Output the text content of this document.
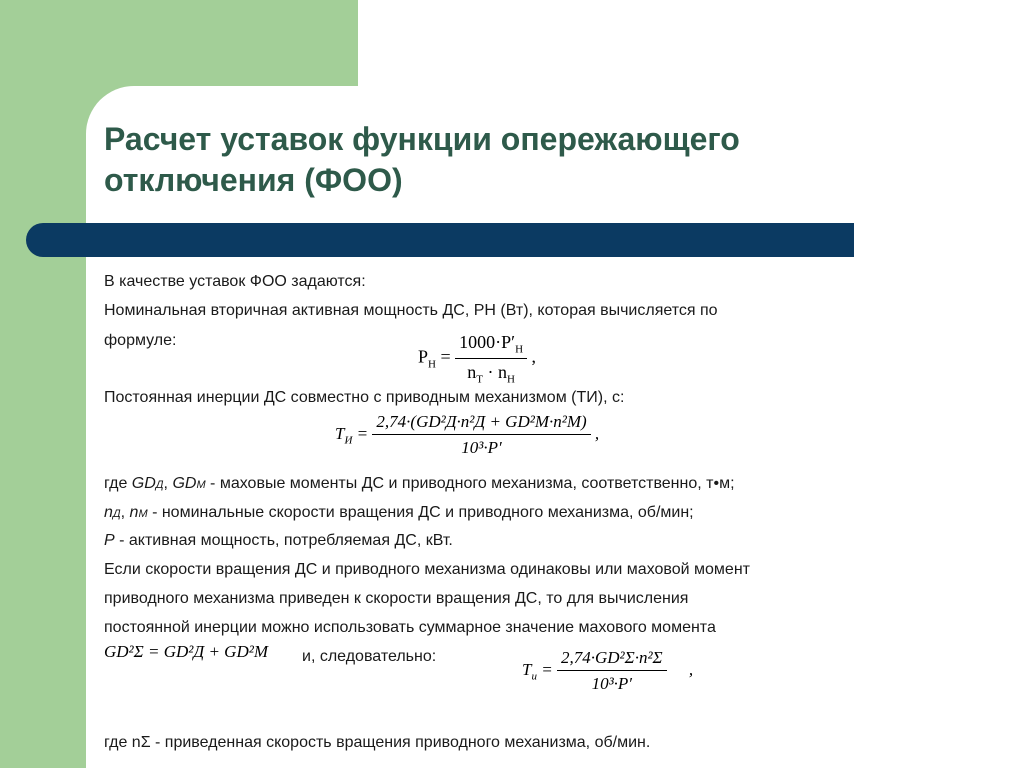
Расчет уставок функции опережающего отключения (ФОО)
В качестве уставок ФОО задаются:
Номинальная вторичная активная мощность ДС, РН (Вт), которая вычисляется по
формуле:
$P_Н = \frac{1000\cdot P'_Н}{n_Т \cdot n_Н}$ ,
Постоянная инерции ДС совместно с приводным механизмом (ТИ), с:
$T_И = \frac{\text{2,74·(GD²Д·n²Д + GD²М·n²М)}}{\text{10³·P′}}$ ,
где GDД, GDМ - маховые моменты ДС и приводного механизма, соответственно, т•м;
nД, nМ - номинальные скорости вращения ДС и приводного механизма, об/мин;
P - активная мощность, потребляемая ДС, кВт.
Если скорости вращения ДС и приводного механизма одинаковы или маховой момент
приводного механизма приведен к скорости вращения ДС, то для вычисления
постоянной инерции можно использовать суммарное значение махового момента
GD²Σ = GD²Д + GD²М и, следовательно:
$T_и = \frac{\text{2,74·GD²Σ·n²Σ}}{\text{10³·P′}}$ ,
где nΣ - приведенная скорость вращения приводного механизма, об/мин.
